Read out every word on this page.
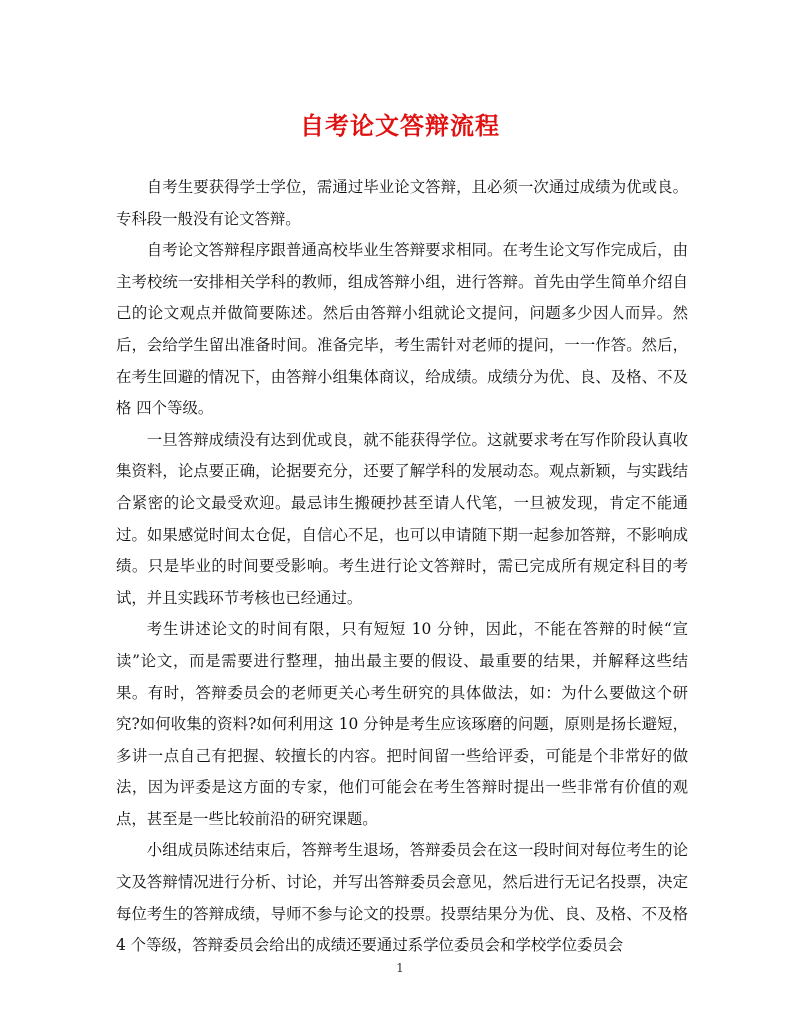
自考论文答辩流程

自考生要获得学士学位，需通过毕业论文答辩，且必须一次通过成绩为优或良。专科段一般没有论文答辩。

自考论文答辩程序跟普通高校毕业生答辩要求相同。在考生论文写作完成后，由主考校统一安排相关学科的教师，组成答辩小组，进行答辩。首先由学生简单介绍自己的论文观点并做简要陈述。然后由答辩小组就论文提问，问题多少因人而异。然后，会给学生留出准备时间。准备完毕，考生需针对老师的提问，一一作答。然后，在考生回避的情况下，由答辩小组集体商议，给成绩。成绩分为优、良、及格、不及格 四个等级。

一旦答辩成绩没有达到优或良，就不能获得学位。这就要求考在写作阶段认真收集资料，论点要正确，论据要充分，还要了解学科的发展动态。观点新颖，与实践结合紧密的论文最受欢迎。最忌讳生搬硬抄甚至请人代笔，一旦被发现，肯定不能通过。如果感觉时间太仓促，自信心不足，也可以申请随下期一起参加答辩，不影响成绩。只是毕业的时间要受影响。考生进行论文答辩时，需已完成所有规定科目的考试，并且实践环节考核也已经通过。

考生讲述论文的时间有限，只有短短 10 分钟，因此，不能在答辩的时候“宣读”论文，而是需要进行整理，抽出最主要的假设、最重要的结果，并解释这些结果。有时，答辩委员会的老师更关心考生研究的具体做法，如：为什么要做这个研究?如何收集的资料?如何利用这 10 分钟是考生应该琢磨的问题，原则是扬长避短，多讲一点自己有把握、较擅长的内容。把时间留一些给评委，可能是个非常好的做法，因为评委是这方面的专家，他们可能会在考生答辩时提出一些非常有价值的观点，甚至是一些比较前沿的研究课题。

小组成员陈述结束后，答辩考生退场，答辩委员会在这一段时间对每位考生的论文及答辩情况进行分析、讨论，并写出答辩委员会意见，然后进行无记名投票，决定每位考生的答辩成绩，导师不参与论文的投票。投票结果分为优、良、及格、不及格 4 个等级，答辩委员会给出的成绩还要通过系学位委员会和学校学位委员会

1
